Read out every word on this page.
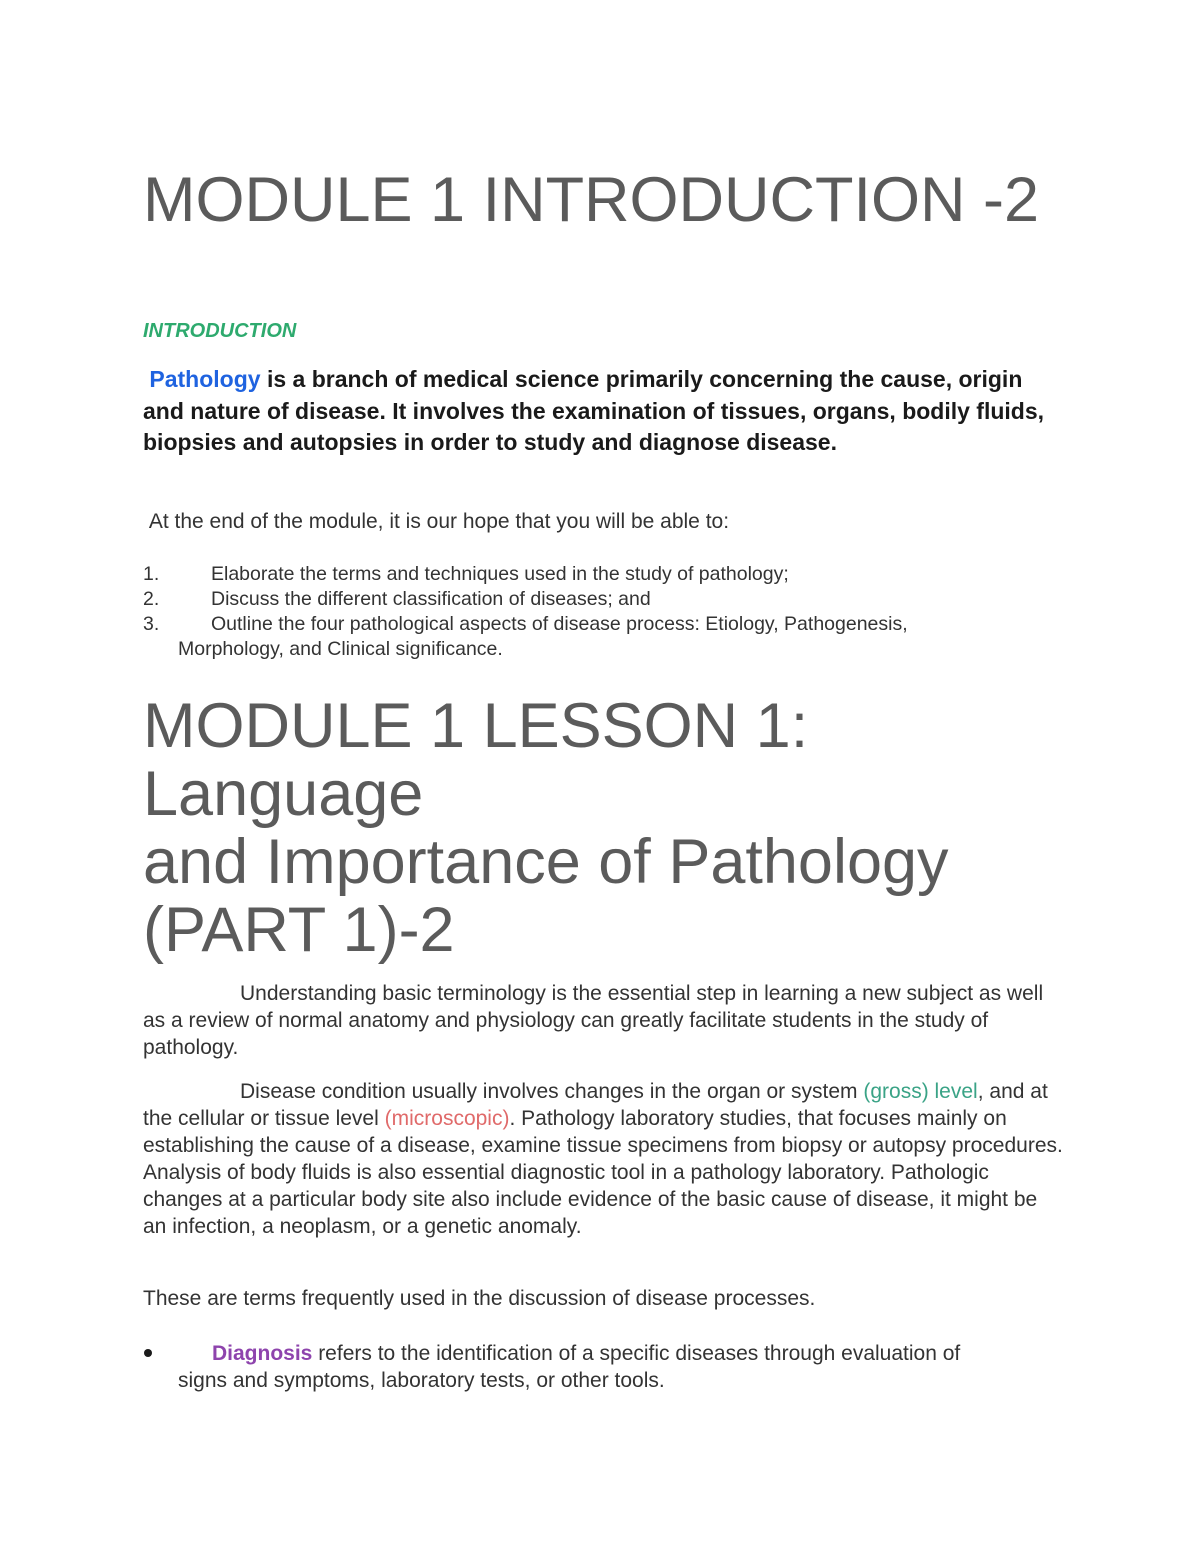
MODULE 1 INTRODUCTION -2
INTRODUCTION

Pathology is a branch of medical science primarily concerning the cause, origin and nature of disease. It involves the examination of tissues, organs, bodily fluids, biopsies and autopsies in order to study and diagnose disease.

At the end of the module, it is our hope that you will be able to:
1.	Elaborate the terms and techniques used in the study of pathology;
2.	Discuss the different classification of diseases; and
3.	Outline the four pathological aspects of disease process: Etiology, Pathogenesis,
Morphology, and Clinical significance.
MODULE 1 LESSON 1: Language
and Importance of Pathology
(PART 1)-2

Understanding basic terminology is the essential step in learning a new subject as well as a review of normal anatomy and physiology can greatly facilitate students in the study of pathology.

Disease condition usually involves changes in the organ or system (gross) level, and at the cellular or tissue level (microscopic). Pathology laboratory studies, that focuses mainly on establishing the cause of a disease, examine tissue specimens from biopsy or autopsy procedures. Analysis of body fluids is also essential diagnostic tool in a pathology laboratory. Pathologic changes at a particular body site also include evidence of the basic cause of disease, it might be an infection, a neoplasm, or a genetic anomaly.

These are terms frequently used in the discussion of disease processes.
Diagnosis refers to the identification of a specific diseases through evaluation of
signs and symptoms, laboratory tests, or other tools.
